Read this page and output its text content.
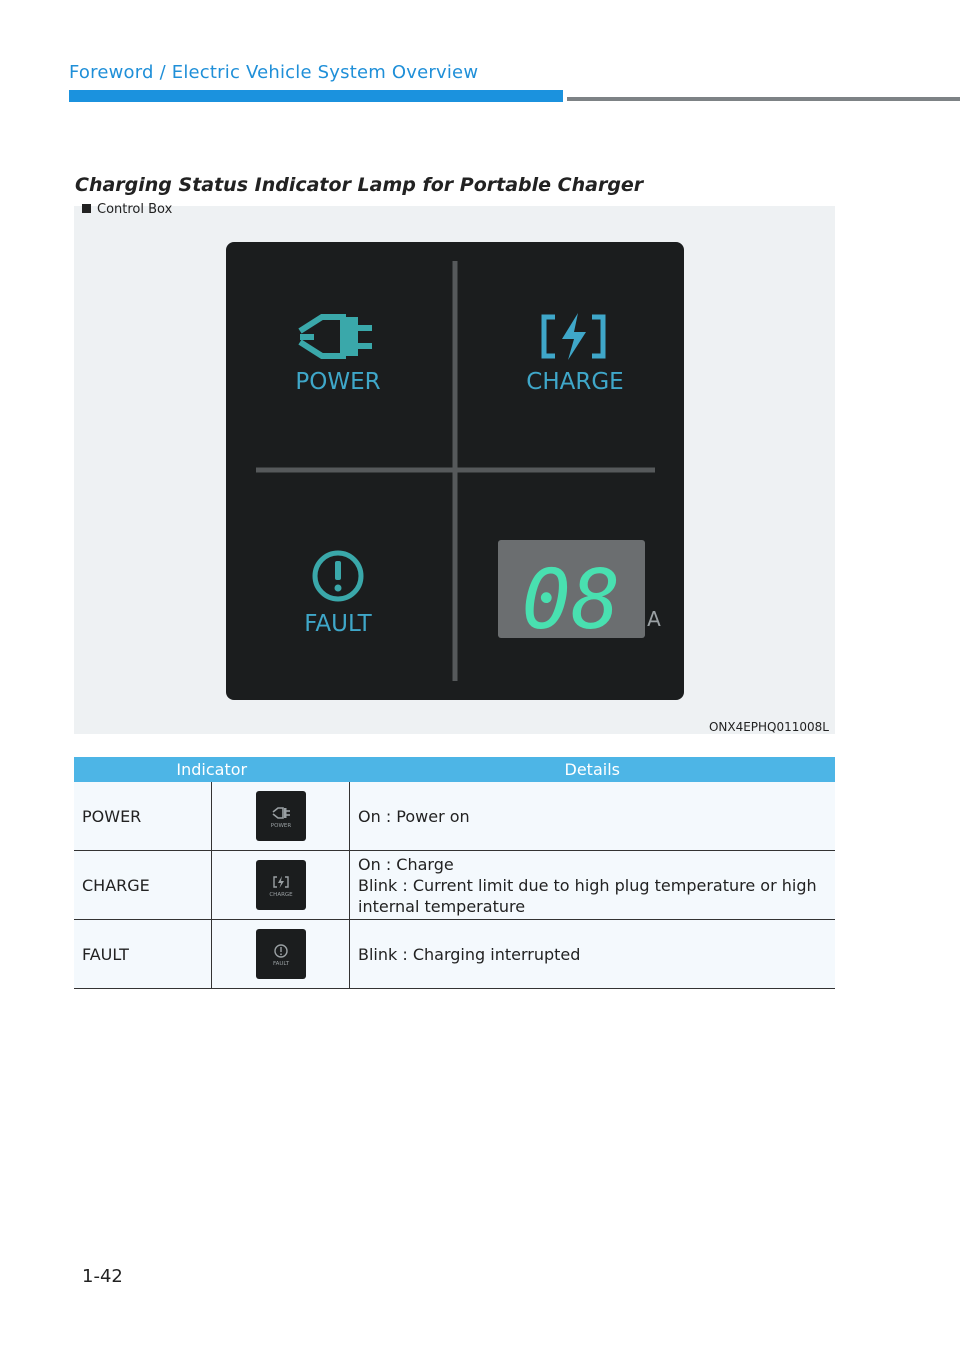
Foreword / Electric Vehicle System Overview
Charging Status Indicator Lamp for Portable Charger
POWER	CHARGE
FAULT 08 A
ONX4EPHQ011008L
Control Box
Indicator		Details
POWER	POWER	On : Power on

CHARGE	CHARGE	On : Charge
Blink : Current limit due to high plug temperature or high internal temperature

FAULT	FAULT	Blink : Charging interrupted
1-42
